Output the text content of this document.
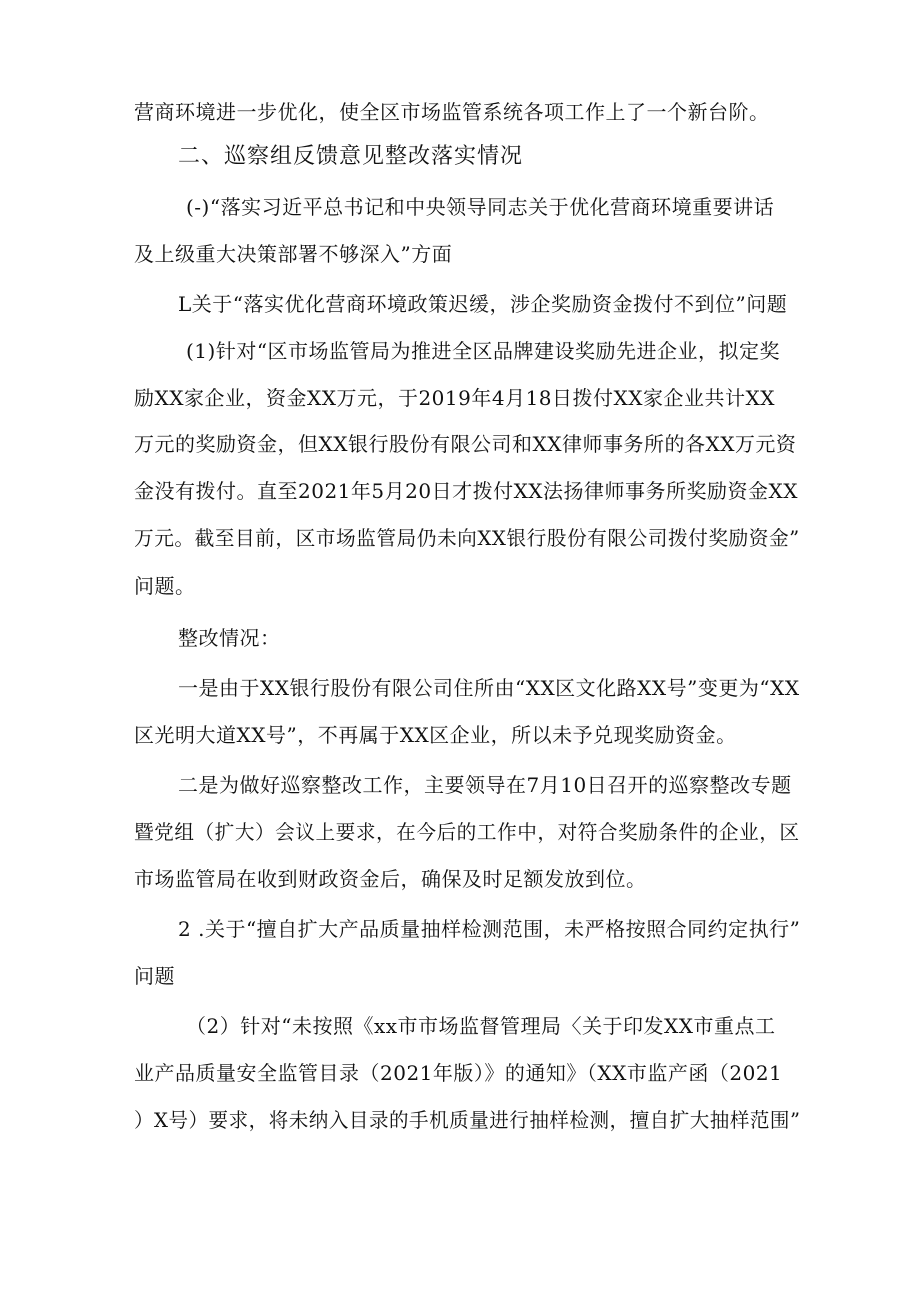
营商环境进一步优化，使全区市场监管系统各项工作上了一个新台阶。
二、巡察组反馈意见整改落实情况
(-)“落实习近平总书记和中央领导同志关于优化营商环境重要讲话
及上级重大决策部署不够深入”方面
L关于“落实优化营商环境政策迟缓，涉企奖励资金拨付不到位”问题
(1)针对“区市场监管局为推进全区品牌建设奖励先进企业，拟定奖
励XX家企业，资金XX万元，于2019年4月18日拨付XX家企业共计XX
万元的奖励资金，但XX银行股份有限公司和XX律师事务所的各XX万元资
金没有拨付。直至2021年5月20日才拨付XX法扬律师事务所奖励资金XX
万元。截至目前，区市场监管局仍未向XX银行股份有限公司拨付奖励资金”
问题。
整改情况：
一是由于XX银行股份有限公司住所由“XX区文化路XX号”变更为“XX
区光明大道XX号”，不再属于XX区企业，所以未予兑现奖励资金。
二是为做好巡察整改工作，主要领导在7月10日召开的巡察整改专题
暨党组（扩大）会议上要求，在今后的工作中，对符合奖励条件的企业，区
市场监管局在收到财政资金后，确保及时足额发放到位。
2 .关于“擅自扩大产品质量抽样检测范围，未严格按照合同约定执行”
问题
（2）针对“未按照《xx市市场监督管理局〈关于印发XX市重点工
业产品质量安全监管目录（2021年版）》的通知》（XX市监产函（2021
）X号）要求，将未纳入目录的手机质量进行抽样检测，擅自扩大抽样范围”
